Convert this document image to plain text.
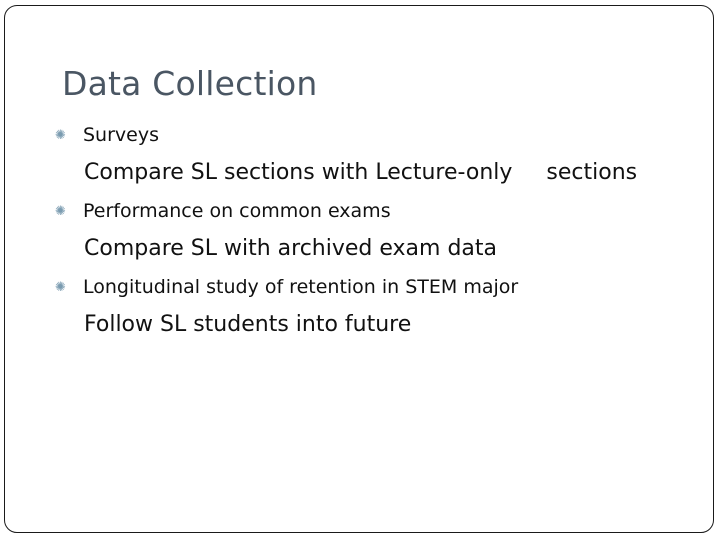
Data Collection
✺ Surveys
Compare SL sections with Lecture-only sections
✺ Performance on common exams
Compare SL with archived exam data
✺ Longitudinal study of retention in STEM major
Follow SL students into future
